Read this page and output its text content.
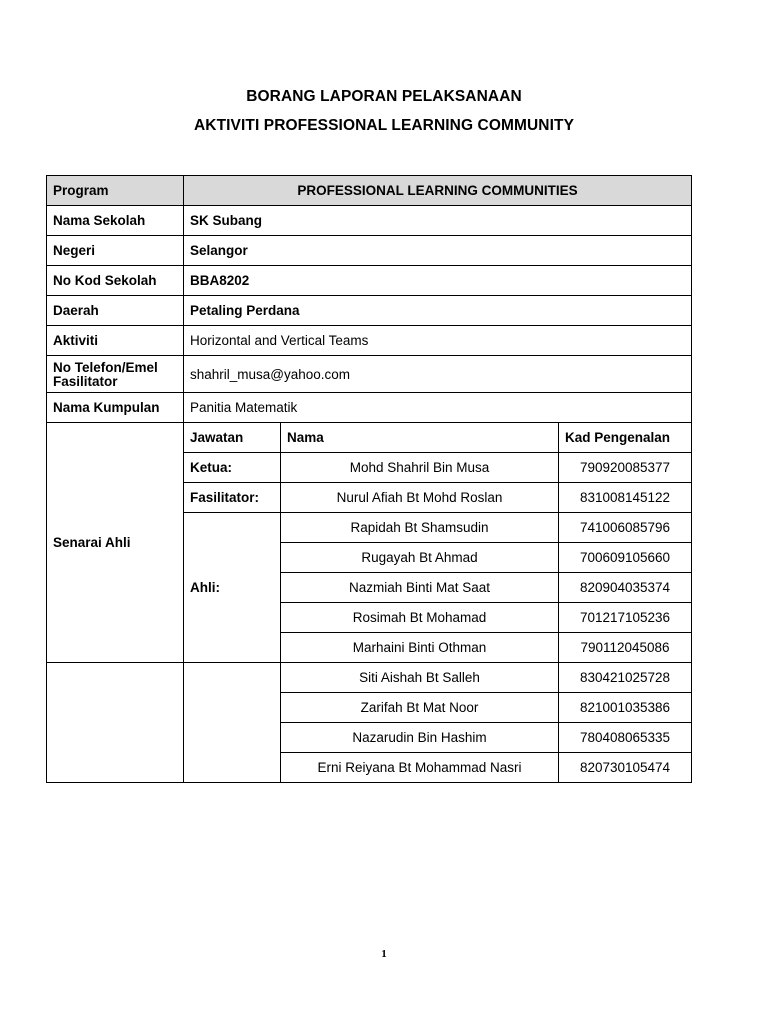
BORANG LAPORAN PELAKSANAAN
AKTIVITI PROFESSIONAL LEARNING COMMUNITY
Program	PROFESSIONAL LEARNING COMMUNITIES		
Nama Sekolah	SK Subang		
Negeri	Selangor		
No Kod Sekolah	BBA8202		
Daerah	Petaling Perdana		
Aktiviti	Horizontal and Vertical Teams		
No Telefon/Emel Fasilitator	shahril_musa@yahoo.com		
Nama Kumpulan	Panitia Matematik		
Senarai Ahli	Jawatan	Nama	Kad Pengenalan
	Ketua:	Mohd Shahril Bin Musa	790920085377
	Fasilitator:	Nurul Afiah Bt Mohd Roslan	831008145122
	Ahli:	Rapidah Bt Shamsudin	741006085796
		Rugayah Bt Ahmad	700609105660
		Nazmiah Binti Mat Saat	820904035374
		Rosimah Bt Mohamad	701217105236
		Marhaini Binti Othman	790112045086
		Siti Aishah Bt Salleh	830421025728
		Zarifah Bt Mat Noor	821001035386
		Nazarudin Bin Hashim	780408065335
		Erni Reiyana Bt Mohammad Nasri	820730105474
1
